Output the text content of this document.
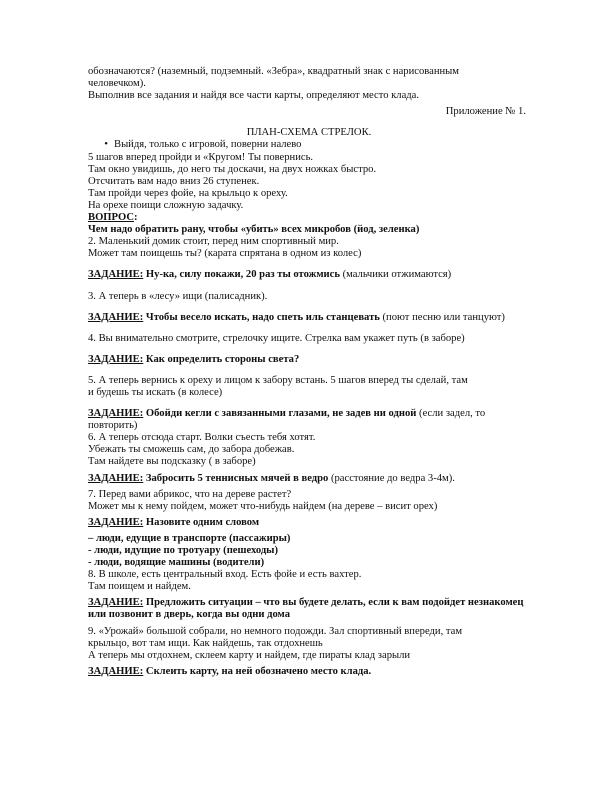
обозначаются? (наземный, подземный. «Зебра», квадратный знак с нарисованным
человечком).
Выполнив все задания и найдя все части карты, определяют место клада.
Приложение № 1.
ПЛАН-СХЕМА СТРЕЛОК.
• Выйдя, только с игровой, поверни налево
5 шагов вперед пройди и «Кругом! Ты повернись.
Там окно увидишь, до него ты доскачи, на двух ножках быстро.
Отсчитать вам надо вниз 26 ступенек.
Там пройди через фойе, на крыльцо к ореху.
На орехе поищи сложную задачку.
ВОПРОС:
Чем надо обратить рану, чтобы «убить» всех микробов (йод, зеленка)
2. Маленький домик стоит, перед ним спортивный мир.
Может там поищешь ты? (карата спрятана в одном из колес)
ЗАДАНИЕ: Ну-ка, силу покажи, 20 раз ты отожмись (мальчики отжимаются)
3. А теперь в «лесу» ищи (палисадник).
ЗАДАНИЕ: Чтобы весело искать, надо спеть иль станцевать (поют песню или танцуют)
4. Вы внимательно смотрите, стрелочку ищите. Стрелка вам укажет путь (в заборе)
ЗАДАНИЕ: Как определить стороны света?
5. А теперь вернись к ореху и лицом к забору встань. 5 шагов вперед ты сделай, там
и будешь ты искать (в колесе)
ЗАДАНИЕ: Обойди кегли с завязанными глазами, не задев ни одной (если задел, то повторить)
6. А теперь отсюда старт. Волки съесть тебя хотят.
Убежать ты сможешь сам, до забора добежав.
Там найдете вы подсказку ( в заборе)
ЗАДАНИЕ: Забросить 5 теннисных мячей в ведро (расстояние до ведра 3-4м).
7. Перед вами абрикос, что на дереве растет?
Может мы к нему пойдем, может что-нибудь найдем (на дереве – висит орех)
ЗАДАНИЕ: Назовите одним словом
– люди, едущие в транспорте (пассажиры)
- люди, идущие по тротуару (пешеходы)
- люди, водящие машины (водители)
8. В школе, есть центральный вход. Есть фойе и есть вахтер.
Там поищем и найдем.
ЗАДАНИЕ: Предложить ситуации – что вы будете делать, если к вам подойдет незнакомец или позвонит в дверь, когда вы одни дома
9. «Урожай» большой собрали, но немного подожди. Зал спортивный впереди, там
крыльцо, вот там ищи. Как найдешь, так отдохнешь
А теперь мы отдохнем, склеем карту и найдем, где пираты клад зарыли
ЗАДАНИЕ: Склеить карту, на ней обозначено место клада.
